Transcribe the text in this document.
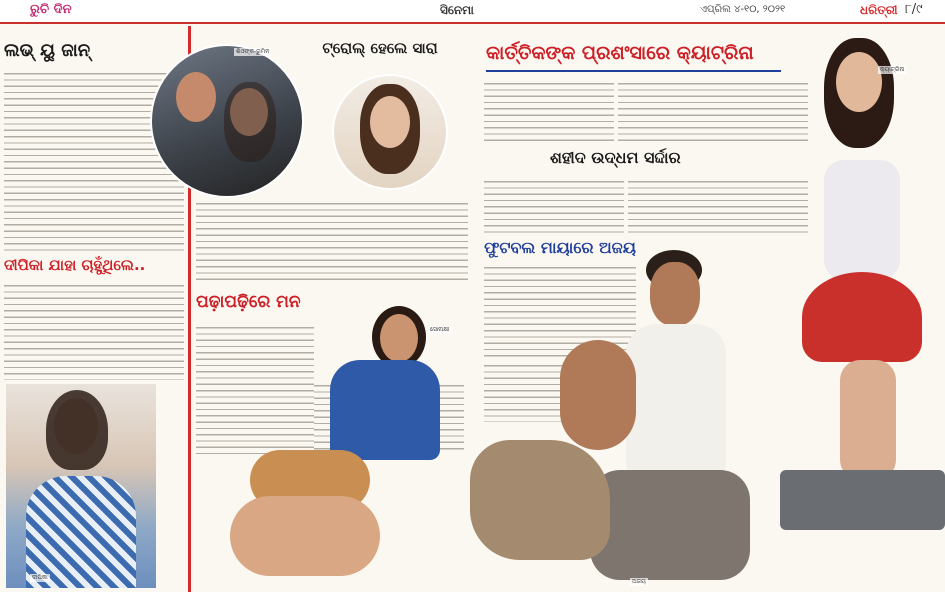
ରୁଚି ଦିନ	ସିନେମା	ଏପ୍ରିଲ ୪-୧୦, ୨୦୨୧	ଧରିତ୍ରୀ ୮/୯
ଲଭ୍ ୟୁ ଜାନ୍
ଦୀପିକା ଯାହା ଚାହୁଁଥିଲେ..
ଦୀପିକା
ଶିଓଙ୍କ-ରୁମିନ	ଟ୍ରୋଲ୍ ହେଲେ ସାରା
ପଢ଼ାପଢ଼ିରେ ମନ
ସୋନାକ୍ଷୀ
କାର୍ତ୍ତିକଙ୍କ ପ୍ରଶଂସାରେ କ୍ୟାଟ୍ରିନା
କ୍ୟାଟ୍ରିନା
ଶହୀଦ ଉଦ୍ଧମ ସର୍ଦ୍ଦାର
ଫୁଟବଲ ମାୟାରେ ଅଜୟ
ଅଜୟ
